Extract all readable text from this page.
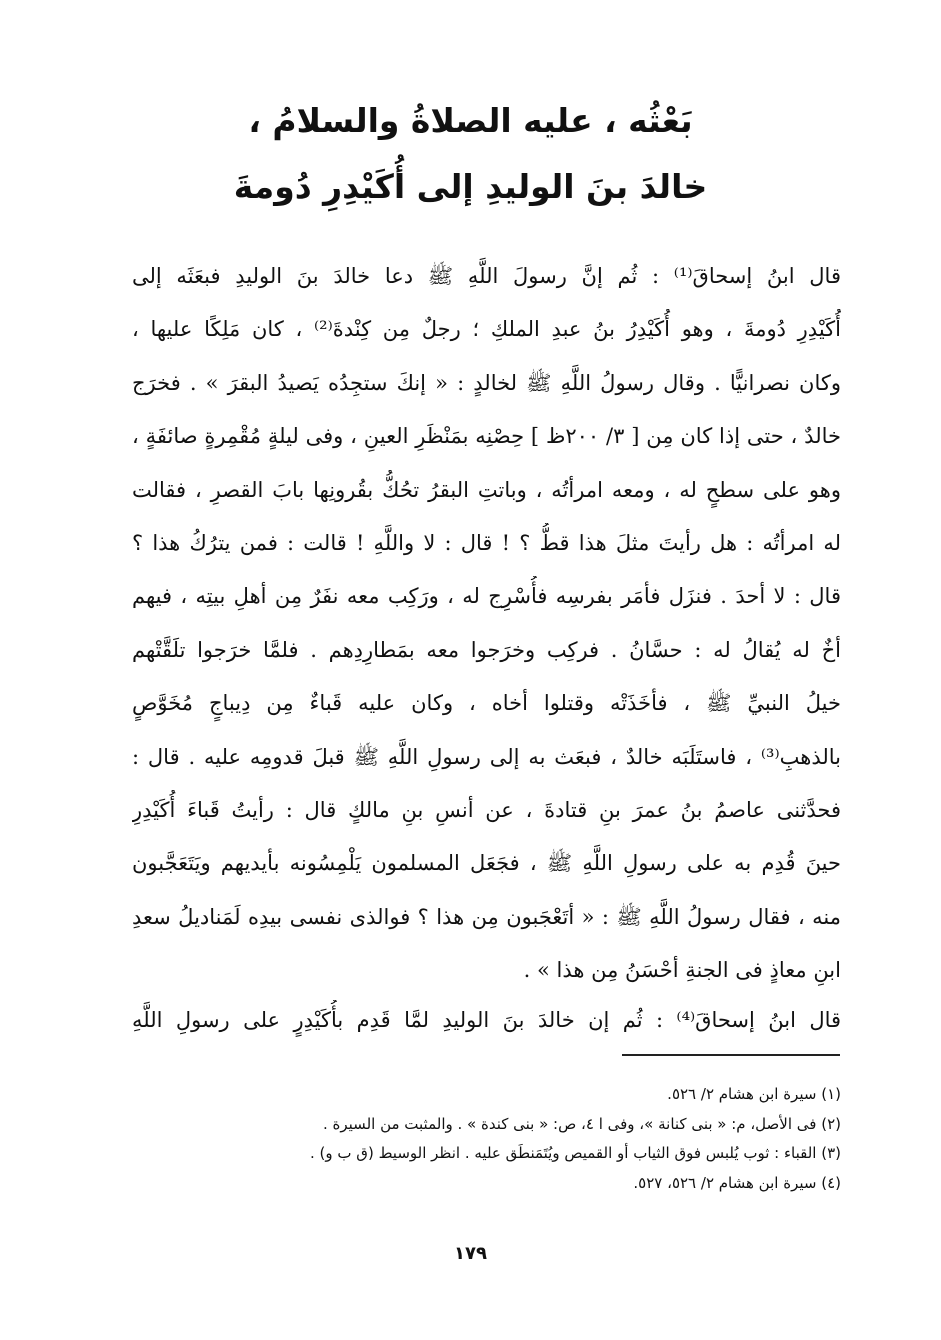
بَعْثُه ، عليه الصلاةُ والسلامُ ،
خالدَ بنَ الوليدِ إلى أُكَيْدِرِ دُومةَ
قال ابنُ إسحاقَ⁽¹⁾ : ثُم إنَّ رسولَ اللَّهِ ﷺ دعا خالدَ بنَ الوليدِ فبعَثَه إلى
أُكَيْدِرِ دُومةَ ، وهو أُكَيْدِرُ بنُ عبدِ الملكِ ؛ رجلٌ مِن كِنْدةَ⁽²⁾ ، كان مَلِكًا عليها ،
وكان نصرانيًّا . وقال رسولُ اللَّهِ ﷺ لخالدٍ : « إنكَ ستجِدُه يَصيدُ البقرَ » . فخرَج
خالدٌ ، حتى إذا كان مِن [ ٣/ ٢٠٠ظ ] حِصْنِه بمَنْظَرِ العينِ ، وفى ليلةٍ مُقْمِرةٍ صائفَةٍ ،
وهو على سطحٍ له ، ومعه امرأتُه ، وباتتِ البقرُ تحُكُّ بقُرونِها بابَ القصرِ ، فقالت
له امرأتُه : هل رأيتَ مثلَ هذا قطُّ ؟ ! قال : لا واللَّهِ ! قالت : فمن يترُكُ هذا ؟
قال : لا أحدَ . فنزَل فأمَر بفرسِه فأُسْرِج له ، ورَكِب معه نفَرٌ مِن أهلِ بيتِه ، فيهم
أخٌ له يُقالُ له : حسَّانُ . فركِب وخرَجوا معه بمَطارِدِهم . فلمَّا خرَجوا تلَقَّتْهم
خيلُ النبيِّ ﷺ ، فأخَذَتْه وقتلوا أخاه ، وكان عليه قَباءٌ مِن دِيباجٍ مُخَوَّصٍ
بالذهبِ⁽³⁾ ، فاستَلَبَه خالدٌ ، فبعَث به إلى رسولِ اللَّهِ ﷺ قبلَ قدومِه عليه . قال :
فحدَّثنى عاصمُ بنُ عمرَ بنِ قتادةَ ، عن أنسِ بنِ مالكٍ قال : رأيتُ قَباءَ أُكَيْدِرِ
حينَ قُدِم به على رسولِ اللَّهِ ﷺ ، فجَعَل المسلمون يَلْمِسُونه بأيديهم ويَتَعَجَّبون
منه ، فقال رسولُ اللَّهِ ﷺ : « أتَعْجَبون مِن هذا ؟ فوالذى نفسى بيدِه لَمَناديلُ سعدِ
ابنِ معاذٍ فى الجنةِ أحْسَنُ مِن هذا » .
قال ابنُ إسحاقَ⁽⁴⁾ : ثُم إن خالدَ بنَ الوليدِ لمَّا قَدِم بأُكَيْدِرٍ على رسولِ اللَّهِ
(١) سيرة ابن هشام ٢/ ٥٢٦.
(٢) فى الأصل، م: « بنى كنانة »، وفى ا ٤، ص: « بنى كندة » . والمثبت من السيرة .
(٣) القباء : ثوب يُلبس فوق الثياب أو القميص ويُتَمَنطَق عليه . انظر الوسيط (ق ب و) .
(٤) سيرة ابن هشام ٢/ ٥٢٦، ٥٢٧.
١٧٩
